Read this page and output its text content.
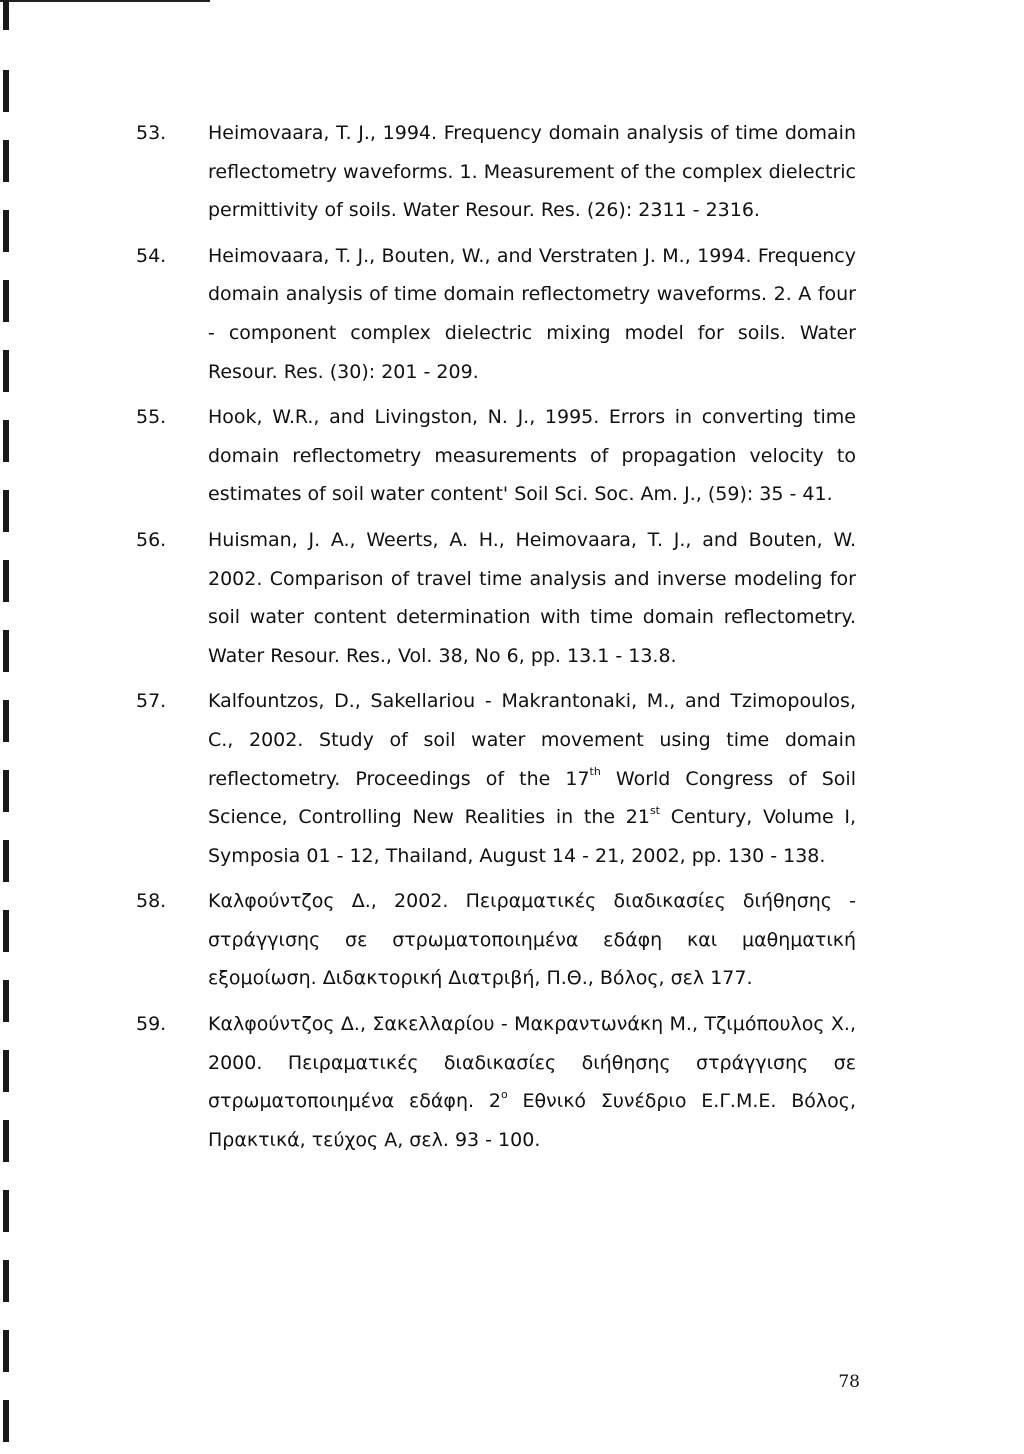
53.	Heimovaara, T. J., 1994. Frequency domain analysis of time domain reflectometry waveforms. 1. Measurement of the complex dielectric permittivity of soils. Water Resour. Res. (26): 2311 - 2316.
54.	Heimovaara, T. J., Bouten, W., and Verstraten J. M., 1994. Frequency domain analysis of time domain reflectometry waveforms. 2. A four - component complex dielectric mixing model for soils. Water Resour. Res. (30): 201 - 209.
55.	Hook, W.R., and Livingston, N. J., 1995. Errors in converting time domain reflectometry measurements of propagation velocity to estimates of soil water content' Soil Sci. Soc. Am. J., (59): 35 - 41.
56.	Huisman, J. A., Weerts, A. H., Heimovaara, T. J., and Bouten, W. 2002. Comparison of travel time analysis and inverse modeling for soil water content determination with time domain reflectometry. Water Resour. Res., Vol. 38, No 6, pp. 13.1 - 13.8.
57.	Kalfountzos, D., Sakellariou - Makrantonaki, M., and Tzimopoulos, C., 2002. Study of soil water movement using time domain reflectometry. Proceedings of the 17th World Congress of Soil Science, Controlling New Realities in the 21st Century, Volume I, Symposia 01 - 12, Thailand, August 14 - 21, 2002, pp. 130 - 138.
58.	Καλφούντζος Δ., 2002. Πειραματικές διαδικασίες διήθησης - στράγγισης σε στρωματοποιημένα εδάφη και μαθηματική εξομοίωση. Διδακτορική Διατριβή, Π.Θ., Βόλος, σελ 177.
59.	Καλφούντζος Δ., Σακελλαρίου - Μακραντωνάκη Μ., Τζιμόπουλος Χ., 2000. Πειραματικές διαδικασίες διήθησης στράγγισης σε στρωματοποιημένα εδάφη. 2$^o$ Εθνικό Συνέδριο Ε.Γ.Μ.Ε. Βόλος, Πρακτικά, τεύχος Α, σελ. 93 - 100.
78
